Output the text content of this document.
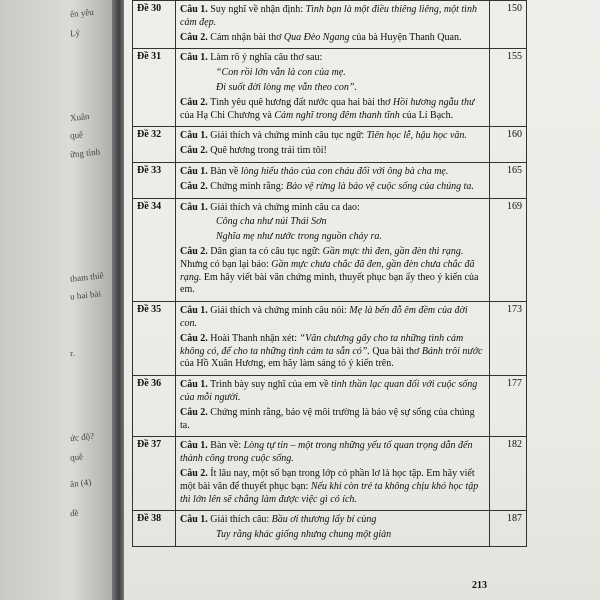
ến yêu
Lý
Xuân
quê
ững tình
tham thiê
u hai bài
r.
ức độ?
quê
ăn (4)
dề
Đề 30	Câu 1. Suy nghĩ về nhận định: Tình bạn là một điều thiêng liêng, một tình cảm đẹp.
Câu 2. Cảm nhận bài thơ Qua Đèo Ngang của bà Huyện Thanh Quan.	150
Đề 31	Câu 1. Làm rõ ý nghĩa câu thơ sau:
“Con rồi lớn vẫn là con của mẹ.
Đi suốt đời lòng mẹ vẫn theo con”.
Câu 2. Tình yêu quê hương đất nước qua hai bài thơ Hồi hương ngẫu thư của Hạ Chi Chương và Cảm nghĩ trong đêm thanh tĩnh của Lí Bạch.	155
Đề 32	Câu 1. Giải thích và chứng minh câu tục ngữ: Tiên học lễ, hậu học văn.
Câu 2. Quê hương trong trái tim tôi!	160
Đề 33	Câu 1. Bàn về lòng hiếu thảo của con cháu đối với ông bà cha mẹ.
Câu 2. Chứng minh rằng: Bảo vệ rừng là bảo vệ cuộc sống của chúng ta.	165
Đề 34	Câu 1. Giải thích và chứng minh câu ca dao:
Công cha như núi Thái Sơn
Nghĩa mẹ như nước trong nguồn chảy ra.
Câu 2. Dân gian ta có câu tục ngữ: Gần mực thì đen, gần đèn thì rạng. Nhưng có bạn lại bảo: Gần mực chưa chắc đã đen, gần đèn chưa chắc đã rạng. Em hãy viết bài văn chứng minh, thuyết phục bạn ấy theo ý kiến của em.	169
Đề 35	Câu 1. Giải thích và chứng minh câu nói: Mẹ là bến đỗ êm đềm của đời con.
Câu 2. Hoài Thanh nhận xét: “Văn chương gây cho ta những tình cảm không có, để cho ta những tình cảm ta sẵn có”. Qua bài thơ Bánh trôi nước của Hồ Xuân Hương, em hãy làm sáng tỏ ý kiến trên.	173
Đề 36	Câu 1. Trình bày suy nghĩ của em về tinh thần lạc quan đối với cuộc sống của mỗi người.
Câu 2. Chứng minh rằng, bảo vệ môi trường là bảo vệ sự sống của chúng ta.	177
Đề 37	Câu 1. Bàn về: Lòng tự tin – một trong những yếu tố quan trọng dẫn đến thành công trong cuộc sống.
Câu 2. Ít lâu nay, một số bạn trong lớp có phần lơ là học tập. Em hãy viết một bài văn để thuyết phục bạn: Nếu khi còn trẻ ta không chịu khó học tập thì lớn lên sẽ chẳng làm được việc gì có ích.	182
Đề 38	Câu 1. Giải thích câu: Bầu ơi thương lấy bí cùng
Tuy rằng khác giống nhưng chung một giàn	187
213
